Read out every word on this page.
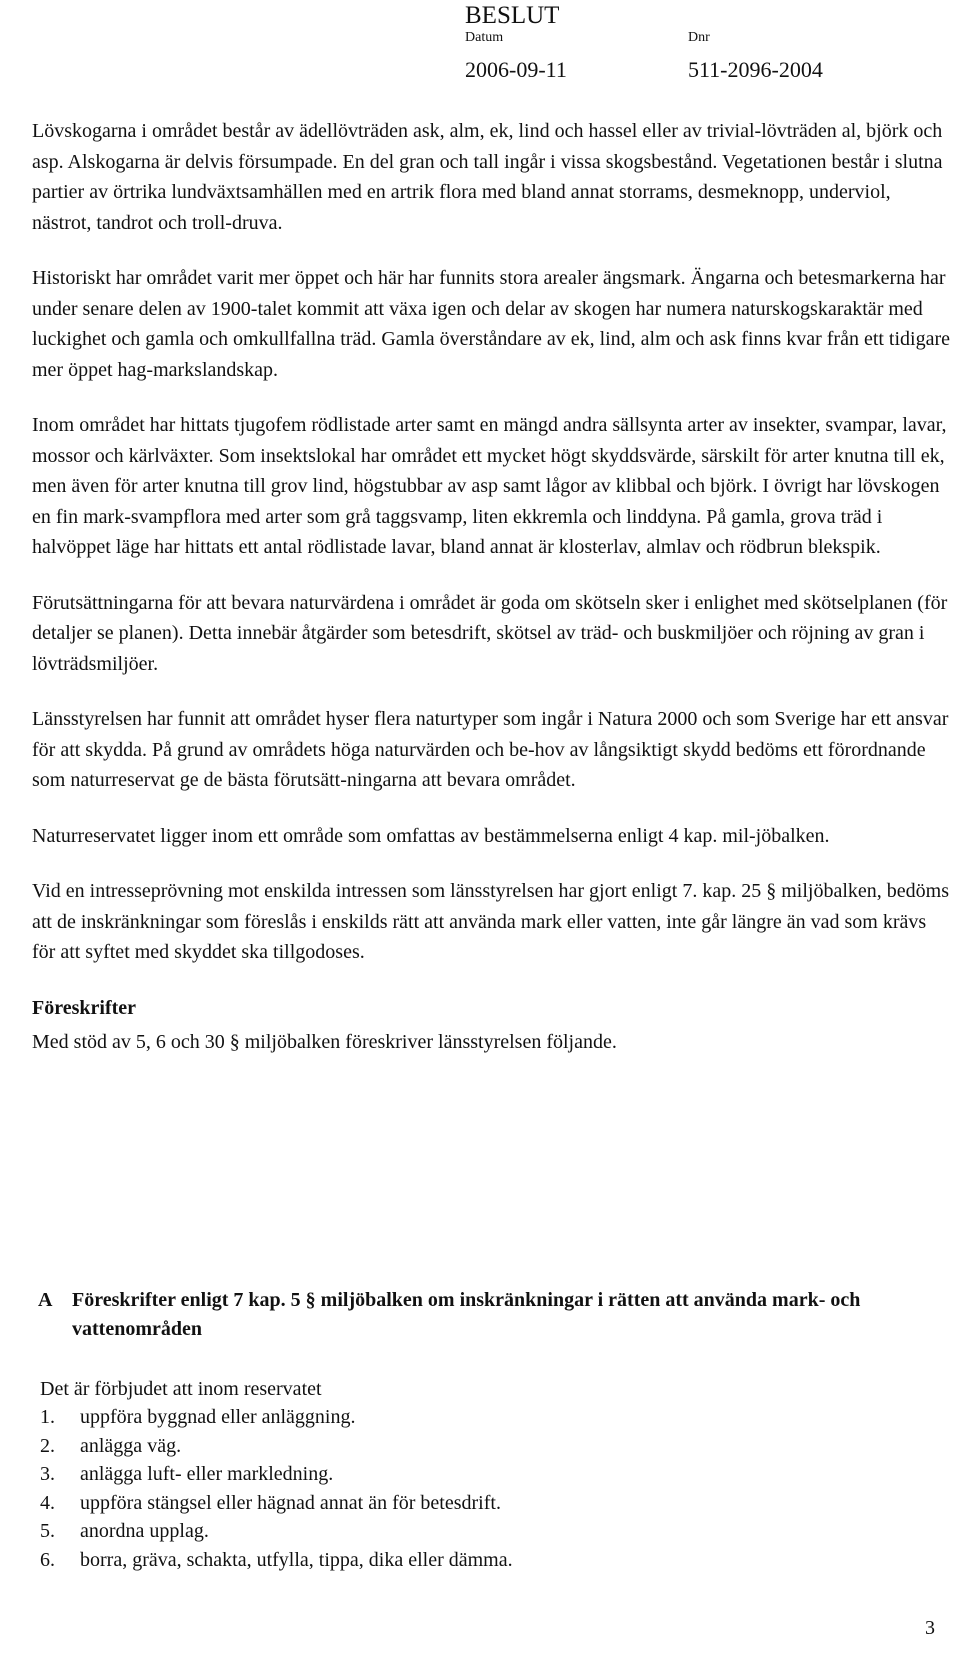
BESLUT
Datum	Dnr
2006-09-11	511-2096-2004

Lövskogarna i området består av ädellövträden ask, alm, ek, lind och hassel eller av trivial-lövträden al, björk och asp. Alskogarna är delvis försumpade. En del gran och tall ingår i vissa skogsbestånd. Vegetationen består i slutna partier av örtrika lundväxtsamhällen med en artrik flora med bland annat storrams, desmeknopp, underviol, nästrot, tandrot och troll-druva.

Historiskt har området varit mer öppet och här har funnits stora arealer ängsmark. Ängarna och betesmarkerna har under senare delen av 1900-talet kommit att växa igen och delar av skogen har numera naturskogskaraktär med luckighet och gamla och omkullfallna träd. Gamla överståndare av ek, lind, alm och ask finns kvar från ett tidigare mer öppet hag-markslandskap.

Inom området har hittats tjugofem rödlistade arter samt en mängd andra sällsynta arter av insekter, svampar, lavar, mossor och kärlväxter. Som insektslokal har området ett mycket högt skyddsvärde, särskilt för arter knutna till ek, men även för arter knutna till grov lind, högstubbar av asp samt lågor av klibbal och björk. I övrigt har lövskogen en fin mark-svampflora med arter som grå taggsvamp, liten ekkremla och linddyna. På gamla, grova träd i halvöppet läge har hittats ett antal rödlistade lavar, bland annat är klosterlav, almlav och rödbrun blekspik.

Förutsättningarna för att bevara naturvärdena i området är goda om skötseln sker i enlighet med skötselplanen (för detaljer se planen). Detta innebär åtgärder som betesdrift, skötsel av träd- och buskmiljöer och röjning av gran i lövträdsmiljöer.

Länsstyrelsen har funnit att området hyser flera naturtyper som ingår i Natura 2000 och som Sverige har ett ansvar för att skydda. På grund av områdets höga naturvärden och be-hov av långsiktigt skydd bedöms ett förordnande som naturreservat ge de bästa förutsätt-ningarna att bevara området.

Naturreservatet ligger inom ett område som omfattas av bestämmelserna enligt 4 kap. mil-jöbalken.

Vid en intresseprövning mot enskilda intressen som länsstyrelsen har gjort enligt 7. kap. 25 § miljöbalken, bedöms att de inskränkningar som föreslås i enskilds rätt att använda mark eller vatten, inte går längre än vad som krävs för att syftet med skyddet ska tillgodoses.

Föreskrifter

Med stöd av 5, 6 och 30 § miljöbalken föreskriver länsstyrelsen följande.

A Föreskrifter enligt 7 kap. 5 § miljöbalken om inskränkningar i rätten att använda mark- och vattenområden
Det är förbjudet att inom reservatet
1. uppföra byggnad eller anläggning.
2. anlägga väg.
3. anlägga luft- eller markledning.
4. uppföra stängsel eller hägnad annat än för betesdrift.
5. anordna upplag.
6. borra, gräva, schakta, utfylla, tippa, dika eller dämma.
3
